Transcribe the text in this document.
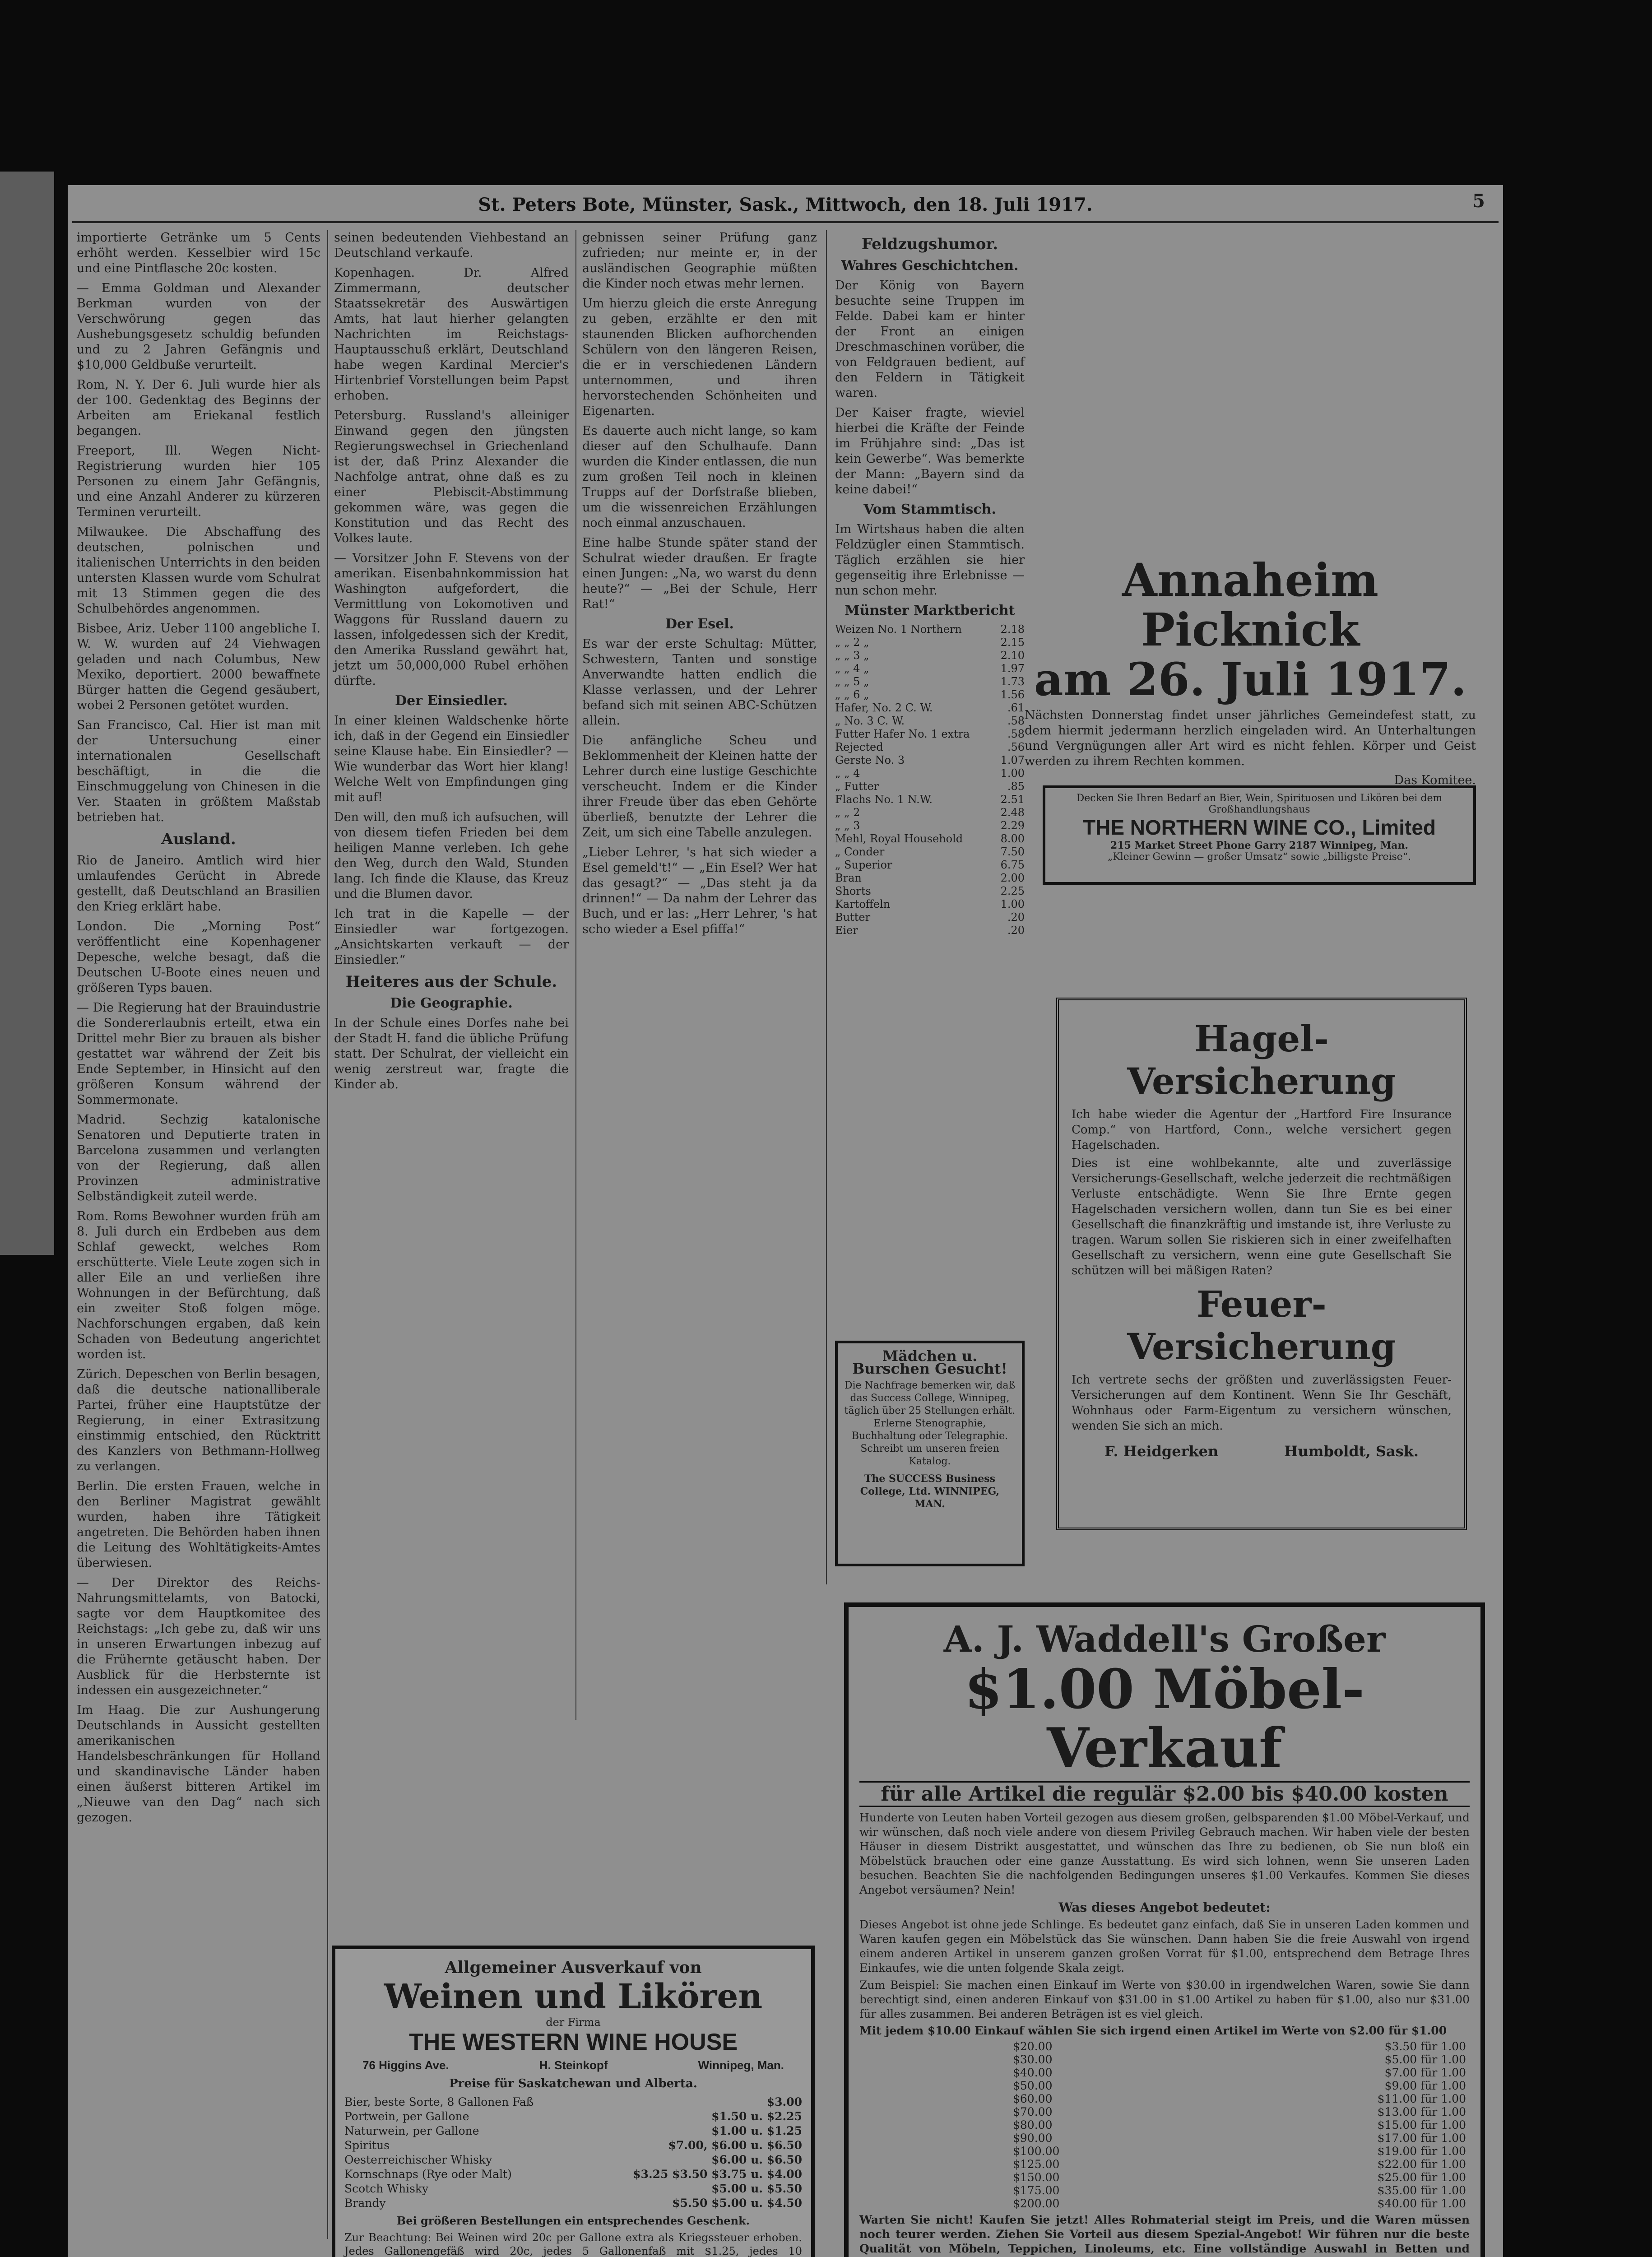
St. Peters Bote, Münster, Sask., Mittwoch, den 18. Juli 1917.	5

importierte Getränke um 5 Cents erhöht werden. Kesselbier wird 15c und eine Pintflasche 20c kosten.

— Emma Goldman und Alexander Berkman wurden von der Verschwörung gegen das Aushebungsgesetz schuldig befunden und zu 2 Jahren Gefängnis und $10,000 Geldbuße verurteilt.

Rom, N. Y. Der 6. Juli wurde hier als der 100. Gedenktag des Beginns der Arbeiten am Eriekanal festlich begangen.

Freeport, Ill. Wegen Nicht-Registrierung wurden hier 105 Personen zu einem Jahr Gefängnis, und eine Anzahl Anderer zu kürzeren Terminen verurteilt.

Milwaukee. Die Abschaffung des deutschen, polnischen und italienischen Unterrichts in den beiden untersten Klassen wurde vom Schulrat mit 13 Stimmen gegen die des Schulbehördes angenommen.

Bisbee, Ariz. Ueber 1100 angebliche I. W. W. wurden auf 24 Viehwagen geladen und nach Columbus, New Mexiko, deportiert. 2000 bewaffnete Bürger hatten die Gegend gesäubert, wobei 2 Personen getötet wurden.

San Francisco, Cal. Hier ist man mit der Untersuchung einer internationalen Gesellschaft beschäftigt, in die die Einschmuggelung von Chinesen in die Ver. Staaten in größtem Maßstab betrieben hat.

Ausland.

Rio de Janeiro. Amtlich wird hier umlaufendes Gerücht in Abrede gestellt, daß Deutschland an Brasilien den Krieg erklärt habe.

London. Die „Morning Post“ veröffentlicht eine Kopenhagener Depesche, welche besagt, daß die Deutschen U-Boote eines neuen und größeren Typs bauen.

— Die Regierung hat der Brauindustrie die Sondererlaubnis erteilt, etwa ein Drittel mehr Bier zu brauen als bisher gestattet war während der Zeit bis Ende September, in Hinsicht auf den größeren Konsum während der Sommermonate.

Madrid. Sechzig katalonische Senatoren und Deputierte traten in Barcelona zusammen und verlangten von der Regierung, daß allen Provinzen administrative Selbständigkeit zuteil werde.

Rom. Roms Bewohner wurden früh am 8. Juli durch ein Erdbeben aus dem Schlaf geweckt, welches Rom erschütterte. Viele Leute zogen sich in aller Eile an und verließen ihre Wohnungen in der Befürchtung, daß ein zweiter Stoß folgen möge. Nachforschungen ergaben, daß kein Schaden von Bedeutung angerichtet worden ist.

Zürich. Depeschen von Berlin besagen, daß die deutsche nationalliberale Partei, früher eine Hauptstütze der Regierung, in einer Extrasitzung einstimmig entschied, den Rücktritt des Kanzlers von Bethmann-Hollweg zu verlangen.

Berlin. Die ersten Frauen, welche in den Berliner Magistrat gewählt wurden, haben ihre Tätigkeit angetreten. Die Behörden haben ihnen die Leitung des Wohltätigkeits-Amtes überwiesen.

— Der Direktor des Reichs-Nahrungsmittelamts, von Batocki, sagte vor dem Hauptkomitee des Reichstags: „Ich gebe zu, daß wir uns in unseren Erwartungen inbezug auf die Frühernte getäuscht haben. Der Ausblick für die Herbsternte ist indessen ein ausgezeichneter.“

Im Haag. Die zur Aushungerung Deutschlands in Aussicht gestellten amerikanischen Handelsbeschränkungen für Holland und skandinavische Länder haben einen äußerst bitteren Artikel im „Nieuwe van den Dag“ nach sich gezogen.

seinen bedeutenden Viehbestand an Deutschland verkaufe.

Kopenhagen. Dr. Alfred Zimmermann, deutscher Staatssekretär des Auswärtigen Amts, hat laut hierher gelangten Nachrichten im Reichstags-Hauptausschuß erklärt, Deutschland habe wegen Kardinal Mercier's Hirtenbrief Vorstellungen beim Papst erhoben.

Petersburg. Russland's alleiniger Einwand gegen den jüngsten Regierungswechsel in Griechenland ist der, daß Prinz Alexander die Nachfolge antrat, ohne daß es zu einer Plebiscit-Abstimmung gekommen wäre, was gegen die Konstitution und das Recht des Volkes laute.

— Vorsitzer John F. Stevens von der amerikan. Eisenbahnkommission hat Washington aufgefordert, die Vermittlung von Lokomotiven und Waggons für Russland dauern zu lassen, infolgedessen sich der Kredit, den Amerika Russland gewährt hat, jetzt um 50,000,000 Rubel erhöhen dürfte.

Der Einsiedler.

In einer kleinen Waldschenke hörte ich, daß in der Gegend ein Einsiedler seine Klause habe. Ein Einsiedler? — Wie wunderbar das Wort hier klang! Welche Welt von Empfindungen ging mit auf!

Den will, den muß ich aufsuchen, will von diesem tiefen Frieden bei dem heiligen Manne verleben. Ich gehe den Weg, durch den Wald, Stunden lang. Ich finde die Klause, das Kreuz und die Blumen davor.

Ich trat in die Kapelle — der Einsiedler war fortgezogen. „Ansichtskarten verkauft — der Einsiedler.“

Heiteres aus der Schule.
Die Geographie.

In der Schule eines Dorfes nahe bei der Stadt H. fand die übliche Prüfung statt. Der Schulrat, der vielleicht ein wenig zerstreut war, fragte die Kinder ab.

gebnissen seiner Prüfung ganz zufrieden; nur meinte er, in der ausländischen Geographie müßten die Kinder noch etwas mehr lernen.

Um hierzu gleich die erste Anregung zu geben, erzählte er den mit staunenden Blicken aufhorchenden Schülern von den längeren Reisen, die er in verschiedenen Ländern unternommen, und ihren hervorstechenden Schönheiten und Eigenarten.

Es dauerte auch nicht lange, so kam dieser auf den Schulhaufe. Dann wurden die Kinder entlassen, die nun zum großen Teil noch in kleinen Trupps auf der Dorfstraße blieben, um die wissenreichen Erzählungen noch einmal anzuschauen.

Eine halbe Stunde später stand der Schulrat wieder draußen. Er fragte einen Jungen: „Na, wo warst du denn heute?“ — „Bei der Schule, Herr Rat!“

Der Esel.

Es war der erste Schultag: Mütter, Schwestern, Tanten und sonstige Anverwandte hatten endlich die Klasse verlassen, und der Lehrer befand sich mit seinen ABC-Schützen allein.

Die anfängliche Scheu und Beklommenheit der Kleinen hatte der Lehrer durch eine lustige Geschichte verscheucht. Indem er die Kinder ihrer Freude über das eben Gehörte überließ, benutzte der Lehrer die Zeit, um sich eine Tabelle anzulegen.

„Lieber Lehrer, 's hat sich wieder a Esel gemeld't!“ — „Ein Esel? Wer hat das gesagt?“ — „Das steht ja da drinnen!“ — Da nahm der Lehrer das Buch, und er las: „Herr Lehrer, 's hat scho wieder a Esel pfiffa!“

Feldzugshumor.
Wahres Geschichtchen.

Der König von Bayern besuchte seine Truppen im Felde. Dabei kam er hinter der Front an einigen Dreschmaschinen vorüber, die von Feldgrauen bedient, auf den Feldern in Tätigkeit waren.

Der Kaiser fragte, wieviel hierbei die Kräfte der Feinde im Frühjahre sind: „Das ist kein Gewerbe“. Was bemerkte der Mann: „Bayern sind da keine dabei!“

Vom Stammtisch.

Im Wirtshaus haben die alten Feldzügler einen Stammtisch. Täglich erzählen sie hier gegenseitig ihre Erlebnisse — nun schon mehr.

Münster Marktbericht
Weizen No. 1 Northern	2.18
„ „ 2 „	2.15
„ „ 3 „	2.10
„ „ 4 „	1.97
„ „ 5 „	1.73
„ „ 6 „	1.56
Hafer, No. 2 C. W.	.61
„ No. 3 C. W.	.58
Futter Hafer No. 1 extra	.58
Rejected	.56
Gerste No. 3	1.07
„ „ 4	1.00
„ Futter	.85
Flachs No. 1 N.W.	2.51
„ „ 2	2.48
„ „ 3	2.29
Mehl, Royal Household	8.00
„ Conder	7.50
„ Superior	6.75
Bran	2.00
Shorts	2.25
Kartoffeln	1.00
Butter	.20
Eier	.20
Mädchen u. Burschen Gesucht!
Die Nachfrage bemerken wir, daß das Success College, Winnipeg, täglich über 25 Stellungen erhält. Erlerne Stenographie, Buchhaltung oder Telegraphie. Schreibt um unseren freien Katalog.
The SUCCESS Business College, Ltd. WINNIPEG, MAN.
Annaheim Picknick
am 26. Juli 1917.

Nächsten Donnerstag findet unser jährliches Gemeindefest statt, zu dem hiermit jedermann herzlich eingeladen wird. An Unterhaltungen und Vergnügungen aller Art wird es nicht fehlen. Körper und Geist werden zu ihrem Rechten kommen.

Das Komitee.

Decken Sie Ihren Bedarf an Bier, Wein, Spirituosen und Likören bei dem Großhandlungshaus
THE NORTHERN WINE CO., Limited
215 Market Street Phone Garry 2187 Winnipeg, Man.
„Kleiner Gewinn — großer Umsatz“ sowie „billigste Preise“.
Hagel-Versicherung

Ich habe wieder die Agentur der „Hartford Fire Insurance Comp.“ von Hartford, Conn., welche versichert gegen Hagelschaden.

Dies ist eine wohlbekannte, alte und zuverlässige Versicherungs-Gesellschaft, welche jederzeit die rechtmäßigen Verluste entschädigte. Wenn Sie Ihre Ernte gegen Hagelschaden versichern wollen, dann tun Sie es bei einer Gesellschaft die finanzkräftig und imstande ist, ihre Verluste zu tragen. Warum sollen Sie riskieren sich in einer zweifelhaften Gesellschaft zu versichern, wenn eine gute Gesellschaft Sie schützen will bei mäßigen Raten?

Feuer-Versicherung

Ich vertrete sechs der größten und zuverlässigsten Feuer-Versicherungen auf dem Kontinent. Wenn Sie Ihr Geschäft, Wohnhaus oder Farm-Eigentum zu versichern wünschen, wenden Sie sich an mich.

F. Heidgerken	Humboldt, Sask.
Allgemeiner Ausverkauf von
Weinen und Likören
der Firma
THE WESTERN WINE HOUSE
76 Higgins Ave.	H. Steinkopf	Winnipeg, Man.
Preise für Saskatchewan und Alberta.
Bier, beste Sorte, 8 Gallonen Faß	$3.00
Portwein, per Gallone	$1.50 u. $2.25
Naturwein, per Gallone	$1.00 u. $1.25
Spiritus	$7.00, $6.00 u. $6.50
Oesterreichischer Whisky	$6.00 u. $6.50
Kornschnaps (Rye oder Malt)	$3.25 $3.50 $3.75 u. $4.00
Scotch Whisky	$5.00 u. $5.50
Brandy	$5.50 $5.00 u. $4.50
Bei größeren Bestellungen ein entsprechendes Geschenk.
Zur Beachtung: Bei Weinen wird 20c per Gallone extra als Kriegssteuer erhoben. Jedes Gallonengefäß wird 20c, jedes 5 Gallonenfaß mit $1.25, jedes 10
A. J. Waddell's Großer
$1.00 Möbel-Verkauf
für alle Artikel die regulär $2.00 bis $40.00 kosten

Hunderte von Leuten haben Vorteil gezogen aus diesem großen, gelbsparenden $1.00 Möbel-Verkauf, und wir wünschen, daß noch viele andere von diesem Privileg Gebrauch machen. Wir haben viele der besten Häuser in diesem Distrikt ausgestattet, und wünschen das Ihre zu bedienen, ob Sie nun bloß ein Möbelstück brauchen oder eine ganze Ausstattung. Es wird sich lohnen, wenn Sie unseren Laden besuchen. Beachten Sie die nachfolgenden Bedingungen unseres $1.00 Verkaufes. Kommen Sie dieses Angebot versäumen? Nein!

Was dieses Angebot bedeutet:

Dieses Angebot ist ohne jede Schlinge. Es bedeutet ganz einfach, daß Sie in unseren Laden kommen und Waren kaufen gegen ein Möbelstück das Sie wünschen. Dann haben Sie die freie Auswahl von irgend einem anderen Artikel in unserem ganzen großen Vorrat für $1.00, entsprechend dem Betrage Ihres Einkaufes, wie die unten folgende Skala zeigt.

Zum Beispiel: Sie machen einen Einkauf im Werte von $30.00 in irgendwelchen Waren, sowie Sie dann berechtigt sind, einen anderen Einkauf von $31.00 in $1.00 Artikel zu haben für $1.00, also nur $31.00 für alles zusammen. Bei anderen Beträgen ist es viel gleich.

Mit jedem $10.00 Einkauf wählen Sie sich irgend einen Artikel im Werte von $2.00 für $1.00
$20.00	$3.50 für 1.00
$30.00	$5.00 für 1.00
$40.00	$7.00 für 1.00
$50.00	$9.00 für 1.00
$60.00	$11.00 für 1.00
$70.00	$13.00 für 1.00
$80.00	$15.00 für 1.00
$90.00	$17.00 für 1.00
$100.00	$19.00 für 1.00
$125.00	$22.00 für 1.00
$150.00	$25.00 für 1.00
$175.00	$35.00 für 1.00
$200.00	$40.00 für 1.00

Warten Sie nicht! Kaufen Sie jetzt! Alles Rohmaterial steigt im Preis, und die Waren müssen noch teurer werden. Ziehen Sie Vorteil aus diesem Spezial-Angebot! Wir führen nur die beste Qualität von Möbeln, Teppichen, Linoleums, etc. Eine vollständige Auswahl in Betten und
